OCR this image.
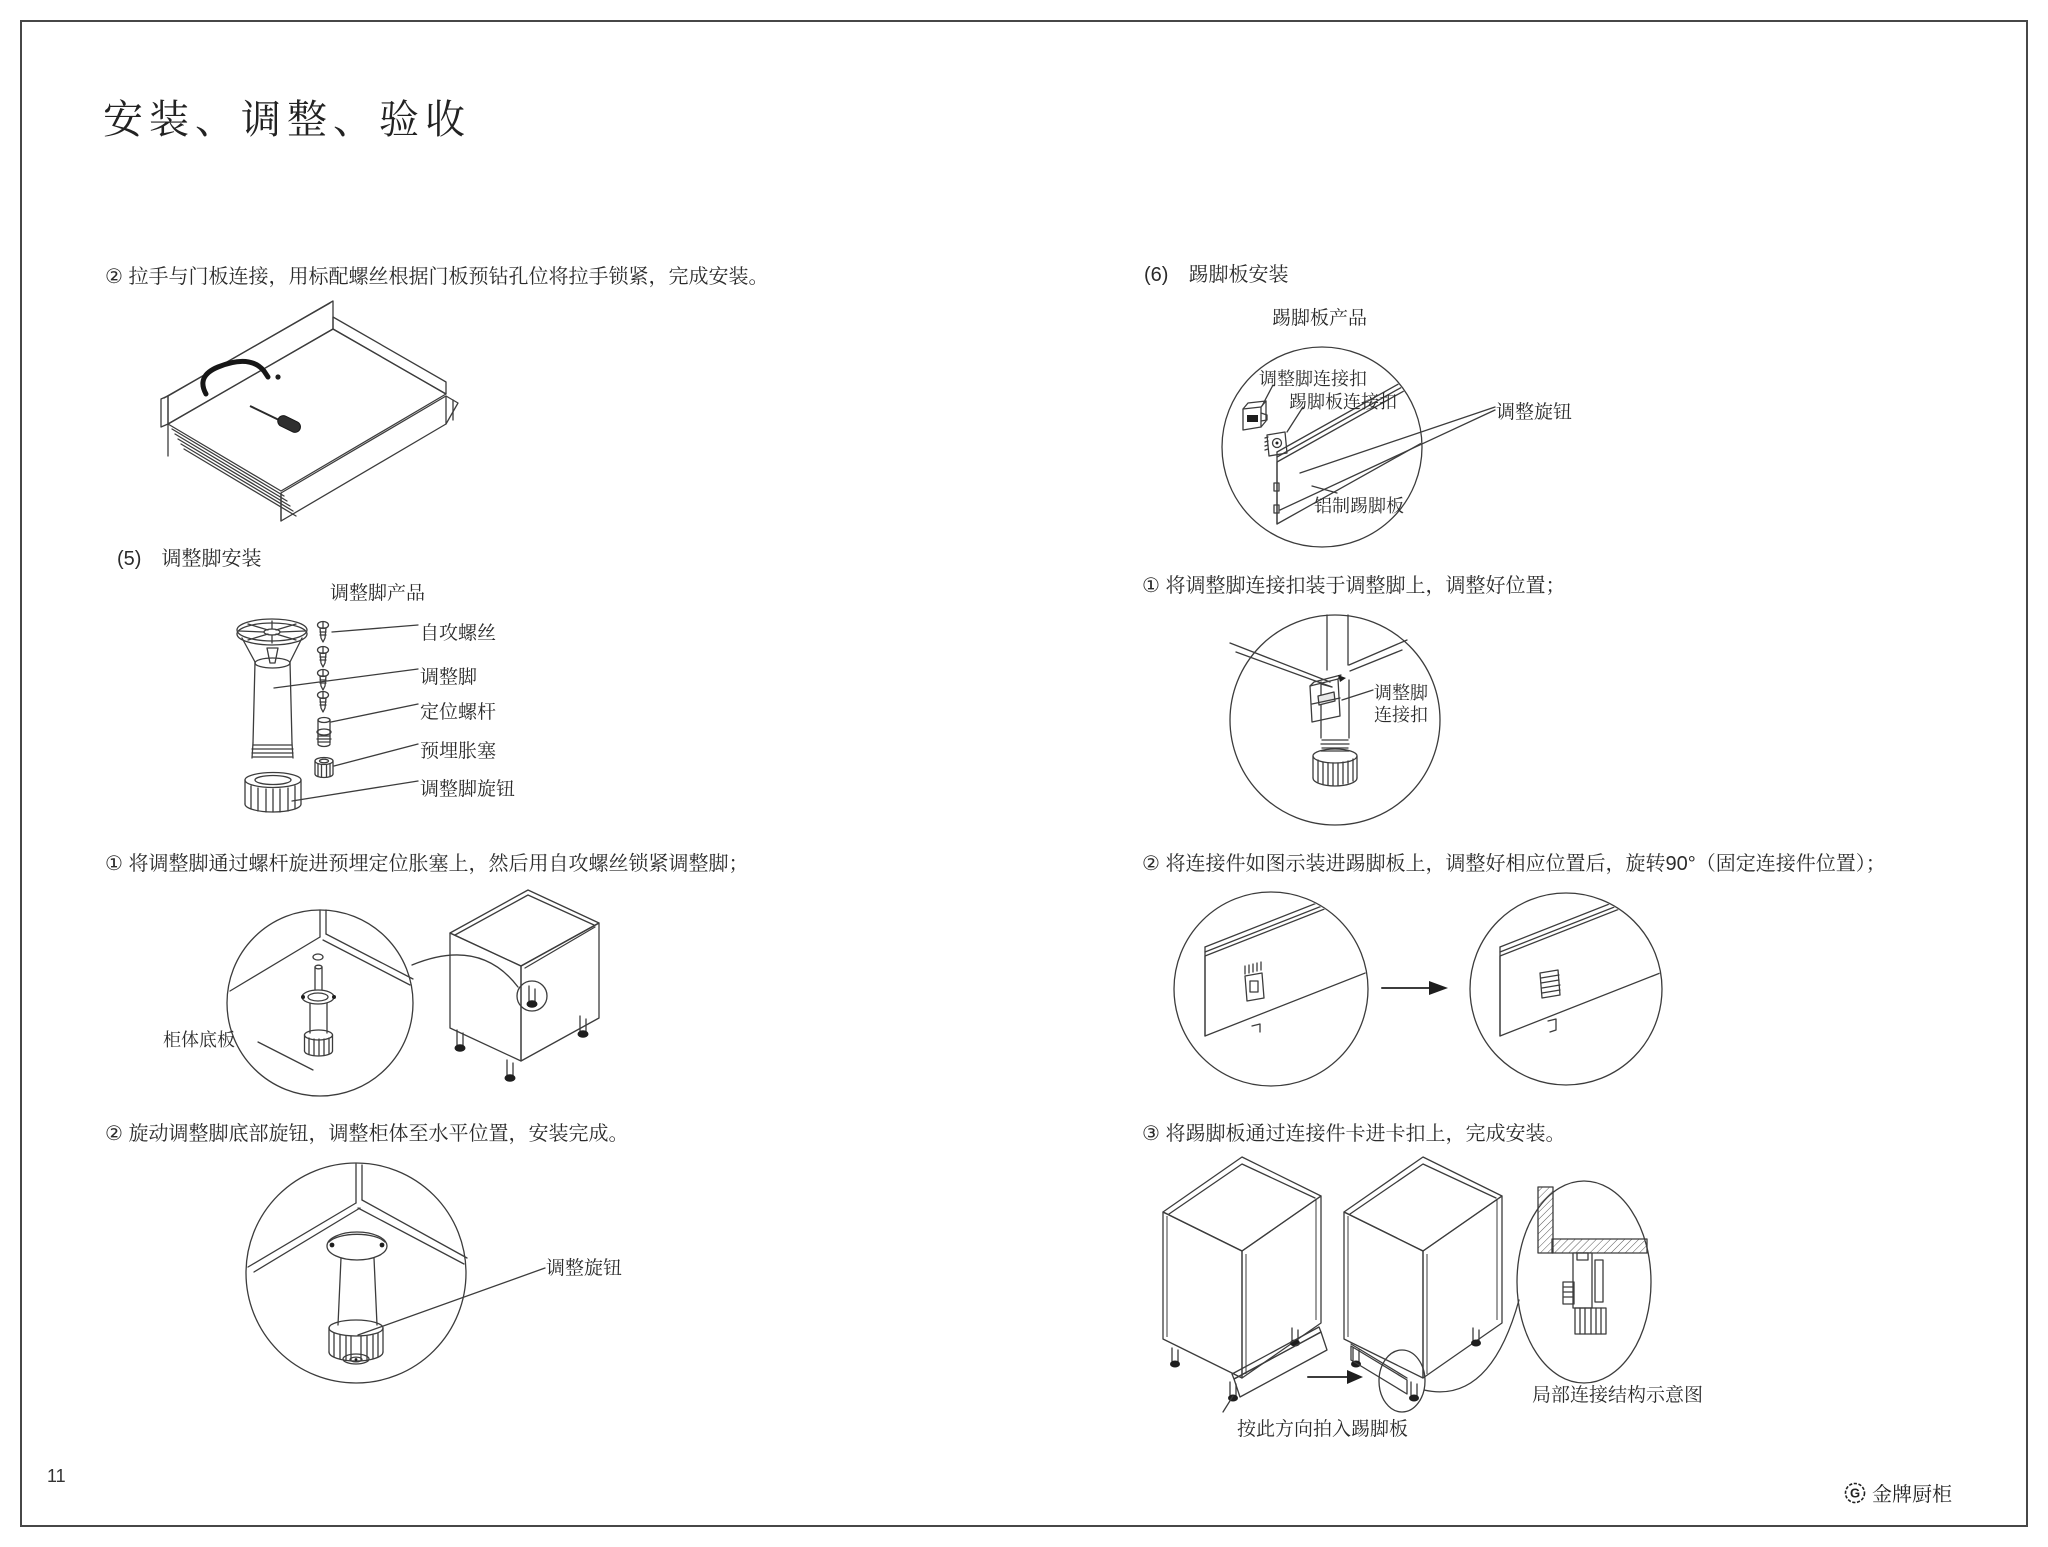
安装、调整、验收
② 拉手与门板连接，用标配螺丝根据门板预钻孔位将拉手锁紧，完成安装。
(5)　调整脚安装
调整脚产品
自攻螺丝
调整脚
定位螺杆
预埋胀塞
调整脚旋钮
① 将调整脚通过螺杆旋进预埋定位胀塞上，然后用自攻螺丝锁紧调整脚；
柜体底板
② 旋动调整脚底部旋钮，调整柜体至水平位置，安装完成。
调整旋钮
(6)　踢脚板安装
踢脚板产品
调整脚连接扣
踢脚板连接扣	调整旋钮
铝制踢脚板
① 将调整脚连接扣装于调整脚上，调整好位置；
调整脚
连接扣
② 将连接件如图示装进踢脚板上，调整好相应位置后，旋转90°（固定连接件位置）；
③ 将踢脚板通过连接件卡进卡扣上，完成安装。
按此方向拍入踢脚板
局部连接结构示意图
11
G 金牌厨柜
